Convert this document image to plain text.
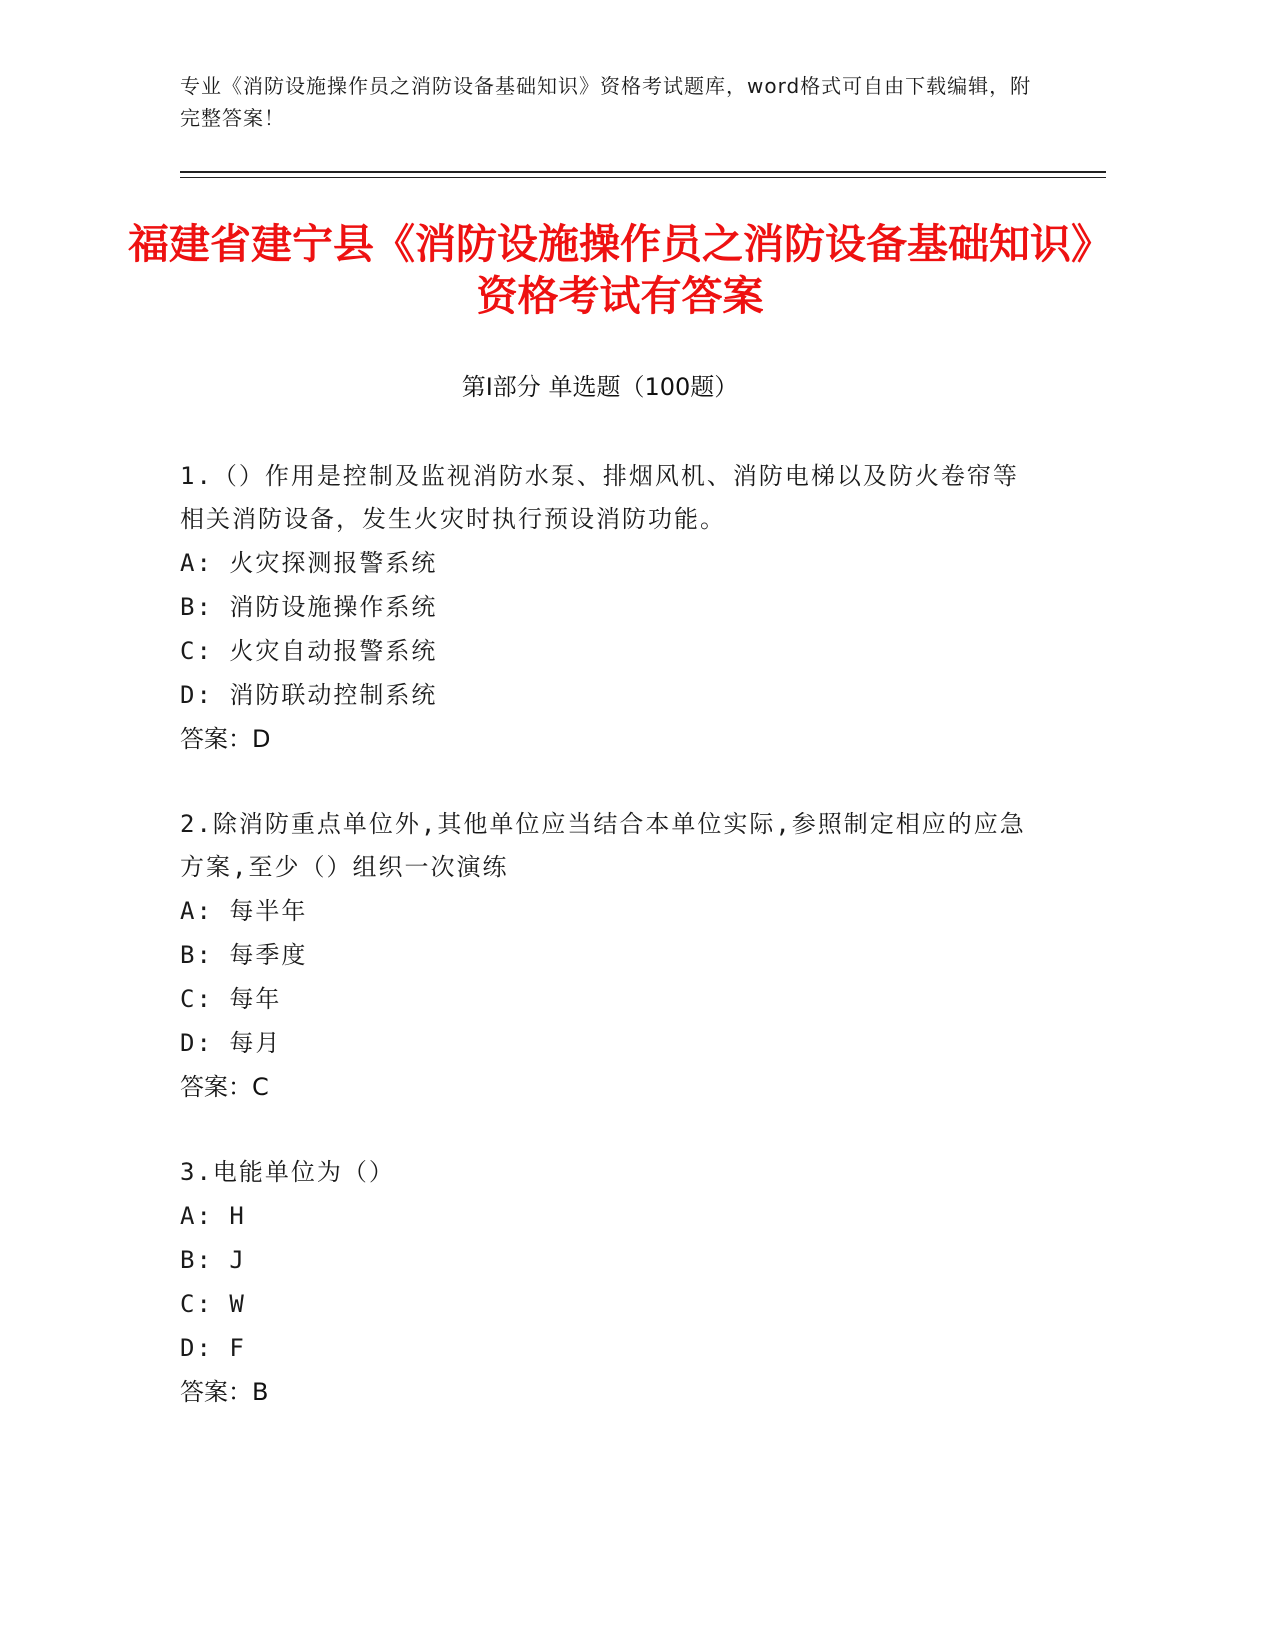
专业《消防设施操作员之消防设备基础知识》资格考试题库，word格式可自由下载编辑，附完整答案！
福建省建宁县《消防设施操作员之消防设备基础知识》资格考试有答案
第Ⅰ部分 单选题（100题）
1.（）作用是控制及监视消防水泵、排烟风机、消防电梯以及防火卷帘等相关消防设备，发生火灾时执行预设消防功能。
A: 火灾探测报警系统
B: 消防设施操作系统
C: 火灾自动报警系统
D: 消防联动控制系统
答案：D
2.除消防重点单位外,其他单位应当结合本单位实际,参照制定相应的应急方案,至少（）组织一次演练
A: 每半年
B: 每季度
C: 每年
D: 每月
答案：C
3.电能单位为（）
A: H
B: J
C: W
D: F
答案：B
